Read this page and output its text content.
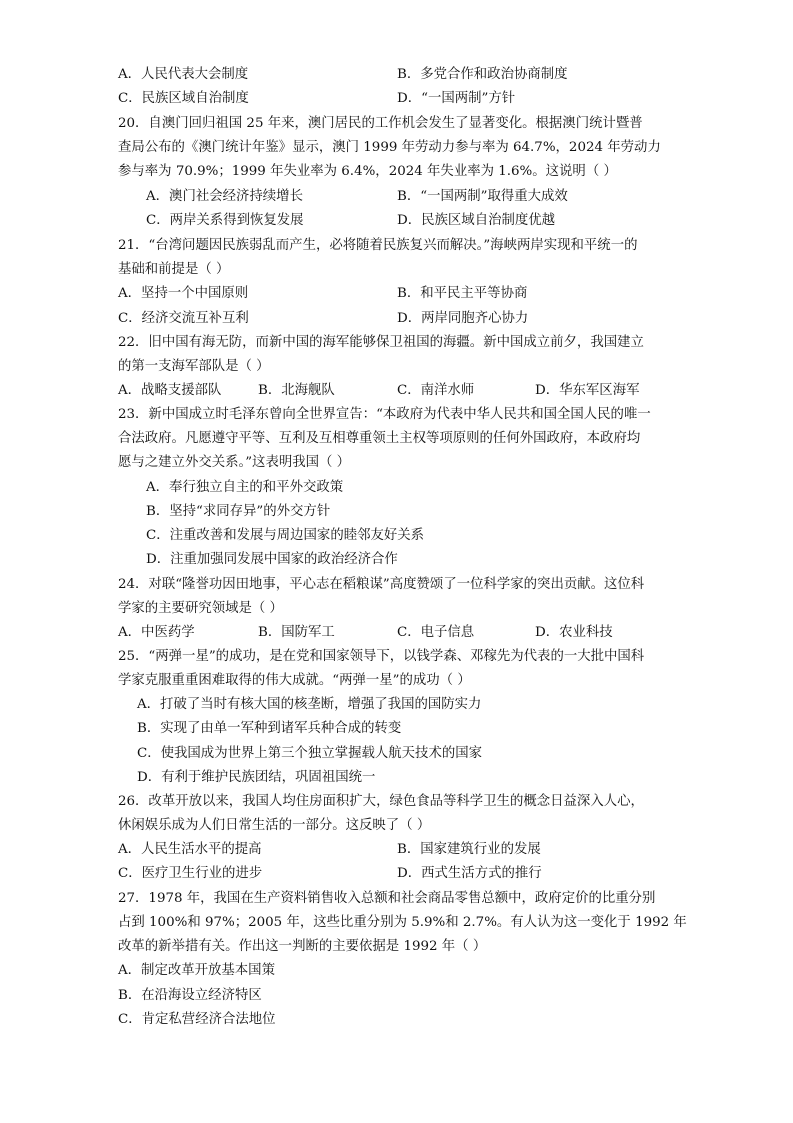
A．人民代表大会制度	B．多党合作和政治协商制度
C．民族区域自治制度	D．“一国两制”方针
20．自澳门回归祖国 25 年来，澳门居民的工作机会发生了显著变化。根据澳门统计暨普
查局公布的《澳门统计年鉴》显示，澳门 1999 年劳动力参与率为 64.7%，2024 年劳动力
参与率为 70.9%；1999 年失业率为 6.4%，2024 年失业率为 1.6%。这说明（ ）
A．澳门社会经济持续增长	B．“一国两制”取得重大成效
C．两岸关系得到恢复发展	D．民族区域自治制度优越
21．“台湾问题因民族弱乱而产生，必将随着民族复兴而解决。”海峡两岸实现和平统一的
基础和前提是（ ）
A．坚持一个中国原则	B．和平民主平等协商
C．经济交流互补互利	D．两岸同胞齐心协力
22．旧中国有海无防，而新中国的海军能够保卫祖国的海疆。新中国成立前夕，我国建立
的第一支海军部队是（ ）
A．战略支援部队	B．北海舰队	C．南洋水师	D．华东军区海军
23．新中国成立时毛泽东曾向全世界宣告：“本政府为代表中华人民共和国全国人民的唯一
合法政府。凡愿遵守平等、互利及互相尊重领土主权等项原则的任何外国政府，本政府均
愿与之建立外交关系。”这表明我国（ ）
A．奉行独立自主的和平外交政策
B．坚持“求同存异”的外交方针
C．注重改善和发展与周边国家的睦邻友好关系
D．注重加强同发展中国家的政治经济合作
24．对联“隆誉功因田地事，平心志在稻粮谋”高度赞颂了一位科学家的突出贡献。这位科
学家的主要研究领域是（ ）
A．中医药学	B．国防军工	C．电子信息	D．农业科技
25．“两弹一星”的成功，是在党和国家领导下，以钱学森、邓稼先为代表的一大批中国科
学家克服重重困难取得的伟大成就。“两弹一星”的成功（ ）
A．打破了当时有核大国的核垄断，增强了我国的国防实力
B．实现了由单一军种到诸军兵种合成的转变
C．使我国成为世界上第三个独立掌握载人航天技术的国家
D．有利于维护民族团结，巩固祖国统一
26．改革开放以来，我国人均住房面积扩大，绿色食品等科学卫生的概念日益深入人心，
休闲娱乐成为人们日常生活的一部分。这反映了（ ）
A．人民生活水平的提高	B．国家建筑行业的发展
C．医疗卫生行业的进步	D．西式生活方式的推行
27．1978 年，我国在生产资料销售收入总额和社会商品零售总额中，政府定价的比重分别
占到 100%和 97%；2005 年，这些比重分别为 5.9%和 2.7%。有人认为这一变化于 1992 年
改革的新举措有关。作出这一判断的主要依据是 1992 年（ ）
A．制定改革开放基本国策
B．在沿海设立经济特区
C．肯定私营经济合法地位
